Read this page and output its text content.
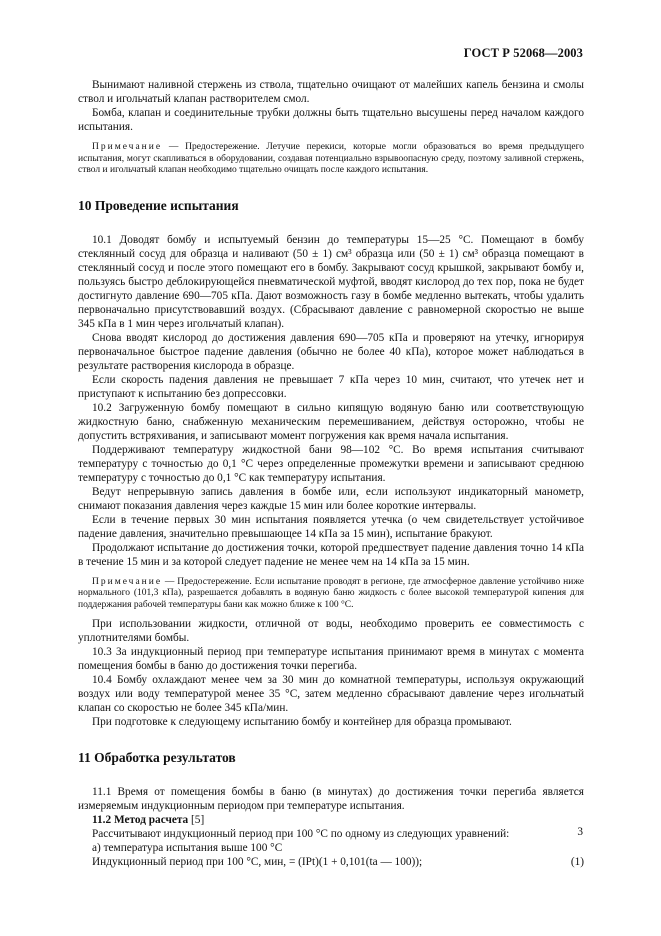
ГОСТ Р 52068—2003

Вынимают наливной стержень из ствола, тщательно очищают от малейших капель бензина и смолы ствол и игольчатый клапан растворителем смол.

Бомба, клапан и соединительные трубки должны быть тщательно высушены перед началом каждого испытания.

Примечание — Предостережение. Летучие перекиси, которые могли образоваться во время предыдущего испытания, могут скапливаться в оборудовании, создавая потенциально взрывоопасную среду, поэтому заливной стержень, ствол и игольчатый клапан необходимо тщательно очищать после каждого испытания.

10 Проведение испытания

10.1 Доводят бомбу и испытуемый бензин до температуры 15—25 °С. Помещают в бомбу стеклянный сосуд для образца и наливают (50 ± 1) см³ образца или (50 ± 1) см³ образца помещают в стеклянный сосуд и после этого помещают его в бомбу. Закрывают сосуд крышкой, закрывают бомбу и, пользуясь быстро деблокирующейся пневматической муфтой, вводят кислород до тех пор, пока не будет достигнуто давление 690—705 кПа. Дают возможность газу в бомбе медленно вытекать, чтобы удалить первоначально присутствовавший воздух. (Сбрасывают давление с равномерной скоростью не выше 345 кПа в 1 мин через игольчатый клапан).

Снова вводят кислород до достижения давления 690—705 кПа и проверяют на утечку, игнорируя первоначальное быстрое падение давления (обычно не более 40 кПа), которое может наблюдаться в результате растворения кислорода в образце.

Если скорость падения давления не превышает 7 кПа через 10 мин, считают, что утечек нет и приступают к испытанию без допрессовки.

10.2 Загруженную бомбу помещают в сильно кипящую водяную баню или соответствующую жидкостную баню, снабженную механическим перемешиванием, действуя осторожно, чтобы не допустить встряхивания, и записывают момент погружения как время начала испытания.

Поддерживают температуру жидкостной бани 98—102 °С. Во время испытания считывают температуру с точностью до 0,1 °С через определенные промежутки времени и записывают среднюю температуру с точностью до 0,1 °С как температуру испытания.

Ведут непрерывную запись давления в бомбе или, если используют индикаторный манометр, снимают показания давления через каждые 15 мин или более короткие интервалы.

Если в течение первых 30 мин испытания появляется утечка (о чем свидетельствует устойчивое падение давления, значительно превышающее 14 кПа за 15 мин), испытание бракуют.

Продолжают испытание до достижения точки, которой предшествует падение давления точно 14 кПа в течение 15 мин и за которой следует падение не менее чем на 14 кПа за 15 мин.

Примечание — Предостережение. Если испытание проводят в регионе, где атмосферное давление устойчиво ниже нормального (101,3 кПа), разрешается добавлять в водяную баню жидкость с более высокой температурой кипения для поддержания рабочей температуры бани как можно ближе к 100 °С.

При использовании жидкости, отличной от воды, необходимо проверить ее совместимость с уплотнителями бомбы.

10.3 За индукционный период при температуре испытания принимают время в минутах с момента помещения бомбы в баню до достижения точки перегиба.

10.4 Бомбу охлаждают менее чем за 30 мин до комнатной температуры, используя окружающий воздух или воду температурой менее 35 °С, затем медленно сбрасывают давление через игольчатый клапан со скоростью не более 345 кПа/мин.

При подготовке к следующему испытанию бомбу и контейнер для образца промывают.

11 Обработка результатов

11.1 Время от помещения бомбы в баню (в минутах) до достижения точки перегиба является измеряемым индукционным периодом при температуре испытания.

11.2 Метод расчета [5]

Рассчитывают индукционный период при 100 °С по одному из следующих уравнений:

а) температура испытания выше 100 °С

Индукционный период при 100 °С, мин, = (IPt)(1 + 0,101(tа — 100));	(1)

3
